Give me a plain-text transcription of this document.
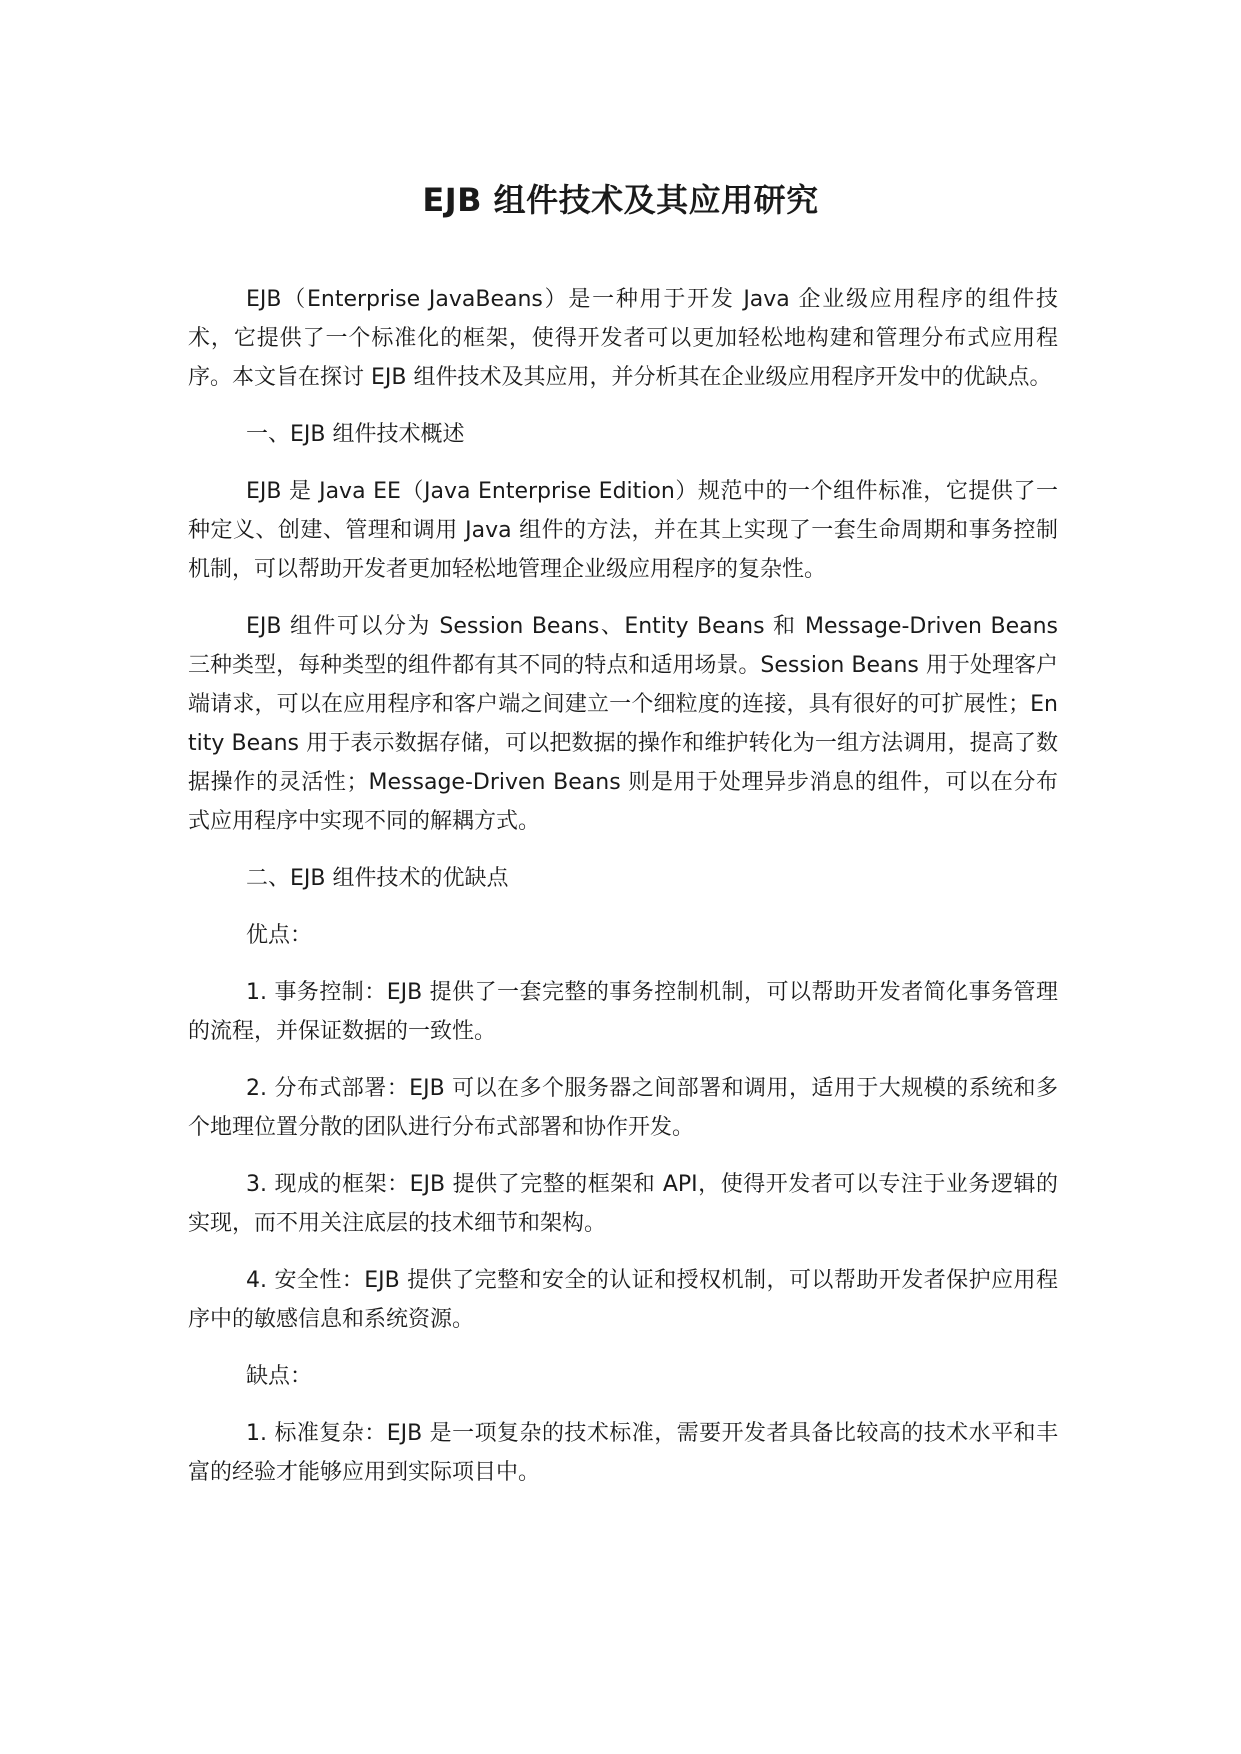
EJB 组件技术及其应用研究

EJB（Enterprise JavaBeans）是一种用于开发 Java 企业级应用程序的组件技术，它提供了一个标准化的框架，使得开发者可以更加轻松地构建和管理分布式应用程序。本文旨在探讨 EJB 组件技术及其应用，并分析其在企业级应用程序开发中的优缺点。

一、EJB 组件技术概述

EJB 是 Java EE（Java Enterprise Edition）规范中的一个组件标准，它提供了一种定义、创建、管理和调用 Java 组件的方法，并在其上实现了一套生命周期和事务控制机制，可以帮助开发者更加轻松地管理企业级应用程序的复杂性。

EJB 组件可以分为 Session Beans、Entity Beans 和 Message-Driven Beans 三种类型，每种类型的组件都有其不同的特点和适用场景。Session Beans 用于处理客户端请求，可以在应用程序和客户端之间建立一个细粒度的连接，具有很好的可扩展性；Entity Beans 用于表示数据存储，可以把数据的操作和维护转化为一组方法调用，提高了数据操作的灵活性；Message-Driven Beans 则是用于处理异步消息的组件，可以在分布式应用程序中实现不同的解耦方式。

二、EJB 组件技术的优缺点

优点：

1. 事务控制：EJB 提供了一套完整的事务控制机制，可以帮助开发者简化事务管理的流程，并保证数据的一致性。

2. 分布式部署：EJB 可以在多个服务器之间部署和调用，适用于大规模的系统和多个地理位置分散的团队进行分布式部署和协作开发。

3. 现成的框架：EJB 提供了完整的框架和 API，使得开发者可以专注于业务逻辑的实现，而不用关注底层的技术细节和架构。

4. 安全性：EJB 提供了完整和安全的认证和授权机制，可以帮助开发者保护应用程序中的敏感信息和系统资源。

缺点：

1. 标准复杂：EJB 是一项复杂的技术标准，需要开发者具备比较高的技术水平和丰富的经验才能够应用到实际项目中。
